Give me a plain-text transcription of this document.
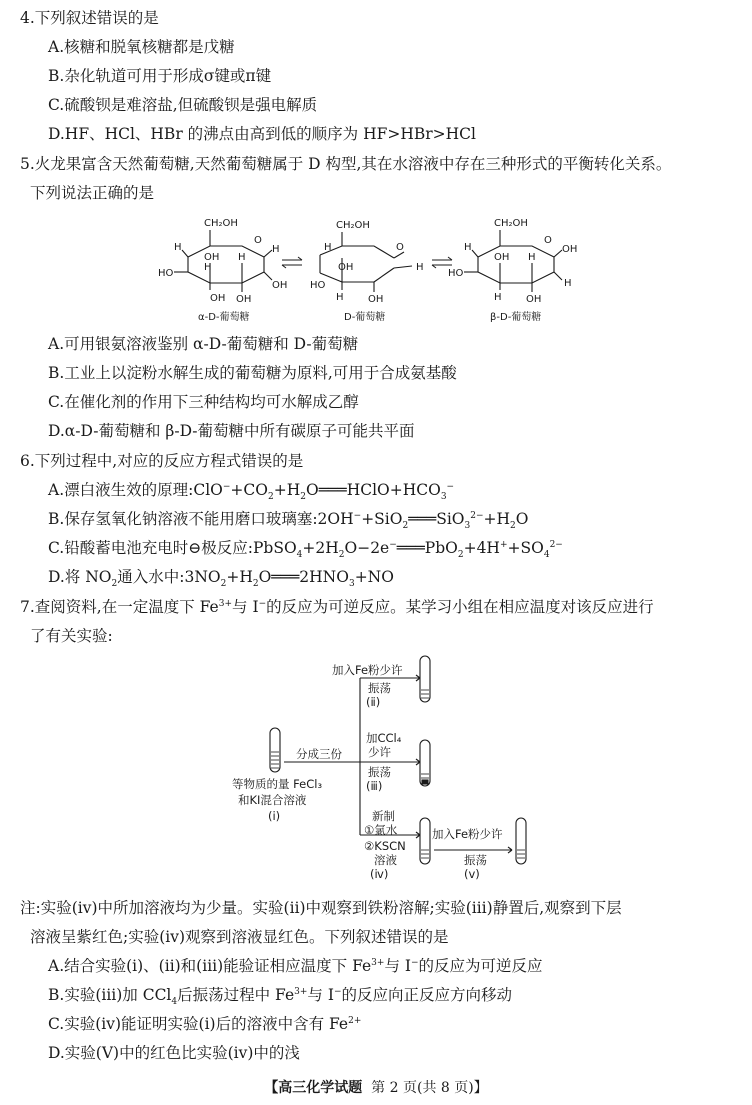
4.下列叙述错误的是
A.核糖和脱氧核糖都是戊糖
B.杂化轨道可用于形成σ键或π键
C.硫酸钡是难溶盐,但硫酸钡是强电解质
D.HF、HCl、HBr 的沸点由高到低的顺序为 HF>HBr>HCl
5.火龙果富含天然葡萄糖,天然葡萄糖属于 D 构型,其在水溶液中存在三种形式的平衡转化关系。
下列说法正确的是
CH₂OH
H
HO
H
OH
OH H
OH
O
H
OH
CH₂OH
H
HO
OH
H OH
O
H
CH₂OH
H
HO
OH
H
H
OH
O
OH
H
α-D-葡萄糖	D-葡萄糖	β-D-葡萄糖
A.可用银氨溶液鉴别 α-D-葡萄糖和 D-葡萄糖
B.工业上以淀粉水解生成的葡萄糖为原料,可用于合成氨基酸
C.在催化剂的作用下三种结构均可水解成乙醇
D.α-D-葡萄糖和 β-D-葡萄糖中所有碳原子可能共平面
6.下列过程中,对应的反应方程式错误的是
A.漂白液生效的原理$:ClO^-+CO_2+H_2O═══HClO+HCO_3^-$
B.保存氢氧化钠溶液不能用磨口玻璃塞$:2OH^-+SiO_2═══SiO_3^{2-}+H_2O$
C.铅酸蓄电池充电时⊖极反应$:PbSO_4+2H_2O-2e^-═══PbO_2+4H^++SO_4^{2-}$
D.将 $NO_2$通入水中$:3NO_2+H_2O═══2HNO_3+NO$
7.查阅资料,在一定温度下 $Fe^{3+}$与 I−的反应为可逆反应。某学习小组在相应温度对该反应进行
了有关实验:
加入Fe粉少许
振荡
(ⅱ)
加CCl₄
少许
振荡
(ⅲ)
分成三份
等物质的量 FeCl₃
和KI混合溶液
(ⅰ)	新制
①氯水
②KSCN
溶液
(ⅳ)
加入Fe粉少许
振荡
(ⅴ)
注:实验(ⅳ)中所加溶液均为少量。实验(ⅱ)中观察到铁粉溶解;实验(ⅲ)静置后,观察到下层
溶液呈紫红色;实验(ⅳ)观察到溶液显红色。下列叙述错误的是
A.结合实验(ⅰ)、(ⅱ)和(ⅲ)能验证相应温度下 $Fe^{3+}$与 I−的反应为可逆反应
B.实验(ⅲ)加 CCl$_4$后振荡过程中 $Fe^{3+}$与 I−的反应向正反应方向移动
C.实验(ⅳ)能证明实验(ⅰ)后的溶液中含有 $Fe^{2+}$
D.实验(Ⅴ)中的红色比实验(ⅳ)中的浅
【高三化学试题 第 2 页(共 8 页)】
